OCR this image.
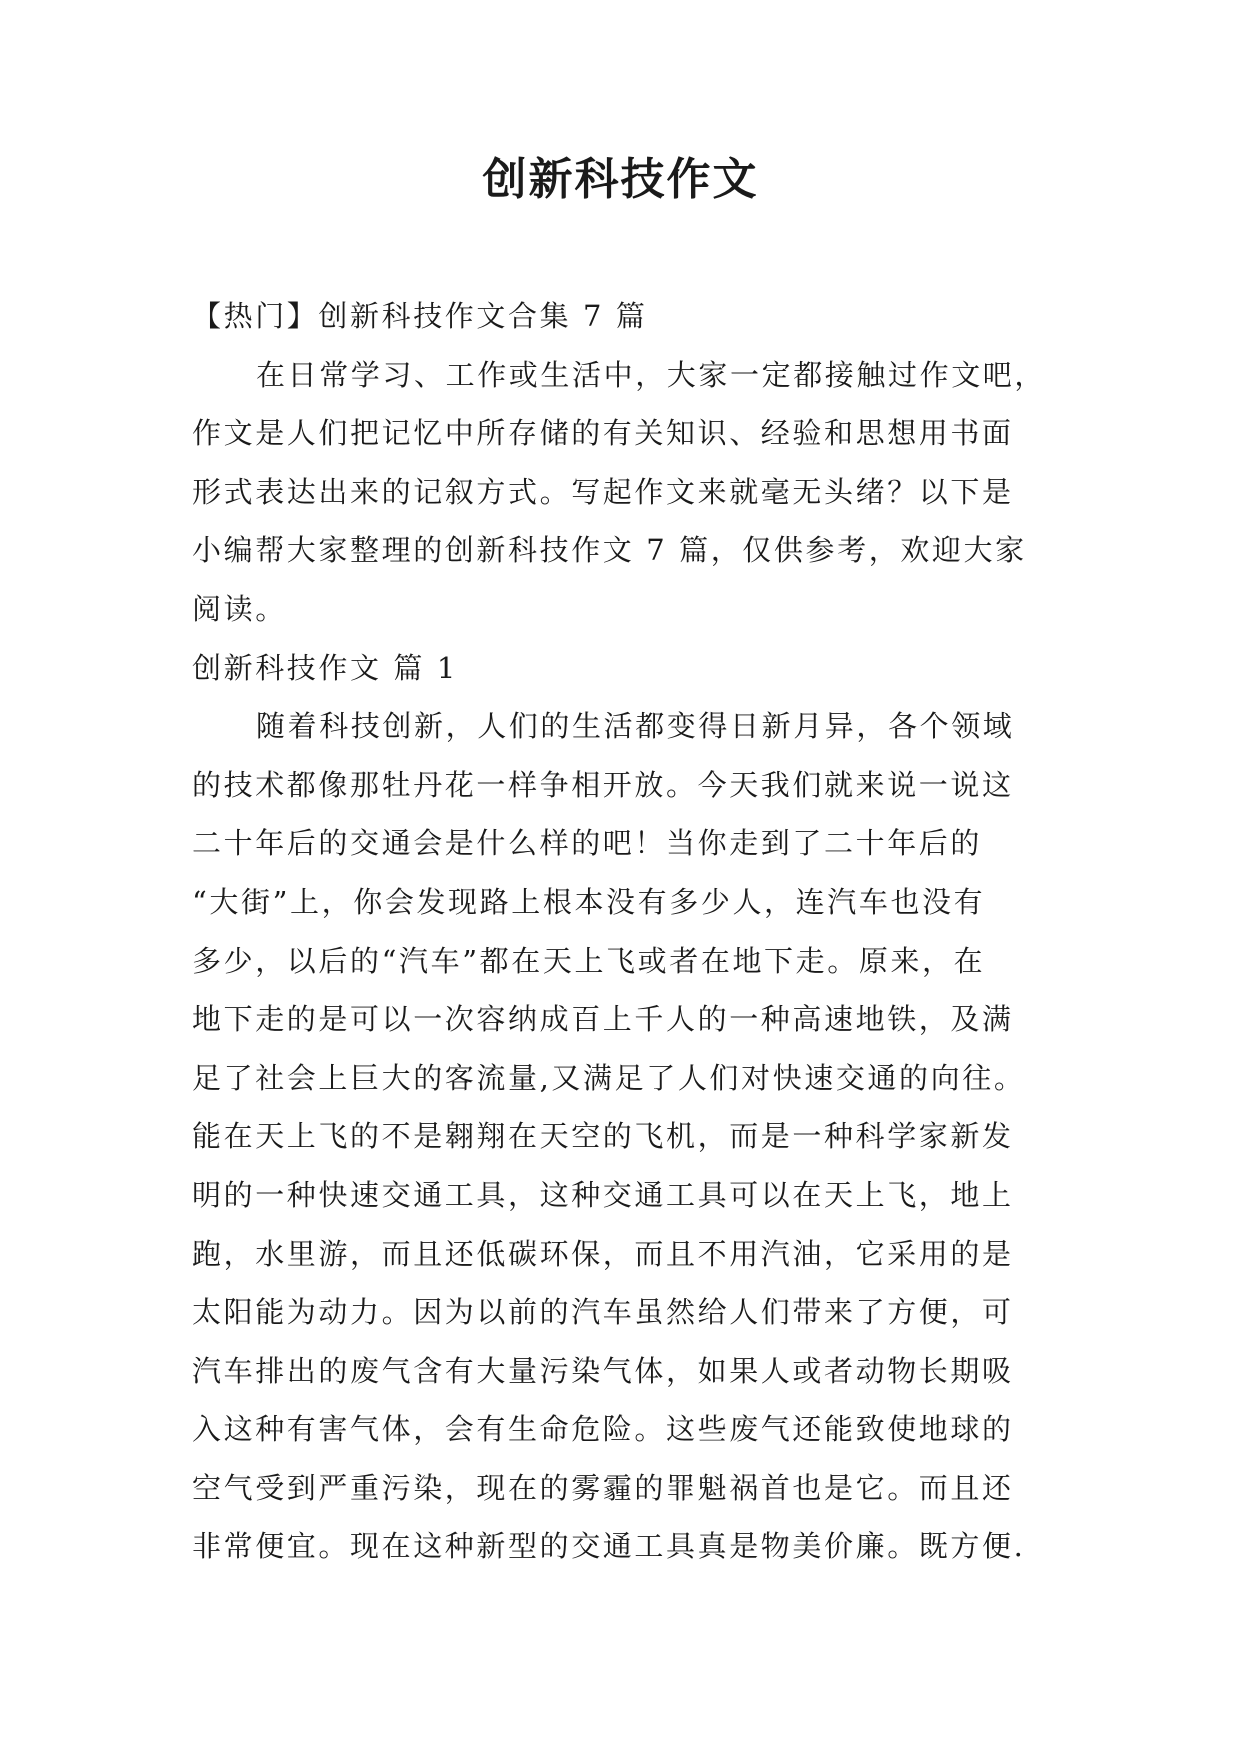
创新科技作文

【热门】创新科技作文合集 7 篇

在日常学习、工作或生活中，大家一定都接触过作文吧，

作文是人们把记忆中所存储的有关知识、经验和思想用书面

形式表达出来的记叙方式。写起作文来就毫无头绪？以下是

小编帮大家整理的创新科技作文 7 篇，仅供参考，欢迎大家

阅读。

创新科技作文 篇 1

随着科技创新，人们的生活都变得日新月异，各个领域

的技术都像那牡丹花一样争相开放。今天我们就来说一说这

二十年后的交通会是什么样的吧！当你走到了二十年后的

“大街”上，你会发现路上根本没有多少人，连汽车也没有

多少，以后的“汽车”都在天上飞或者在地下走。原来，在

地下走的是可以一次容纳成百上千人的一种高速地铁，及满

足了社会上巨大的客流量,又满足了人们对快速交通的向往。

能在天上飞的不是翱翔在天空的飞机，而是一种科学家新发

明的一种快速交通工具，这种交通工具可以在天上飞，地上

跑，水里游，而且还低碳环保，而且不用汽油，它采用的是

太阳能为动力。因为以前的汽车虽然给人们带来了方便，可

汽车排出的废气含有大量污染气体，如果人或者动物长期吸

入这种有害气体，会有生命危险。这些废气还能致使地球的

空气受到严重污染，现在的雾霾的罪魁祸首也是它。而且还

非常便宜。现在这种新型的交通工具真是物美价廉。既方便.
